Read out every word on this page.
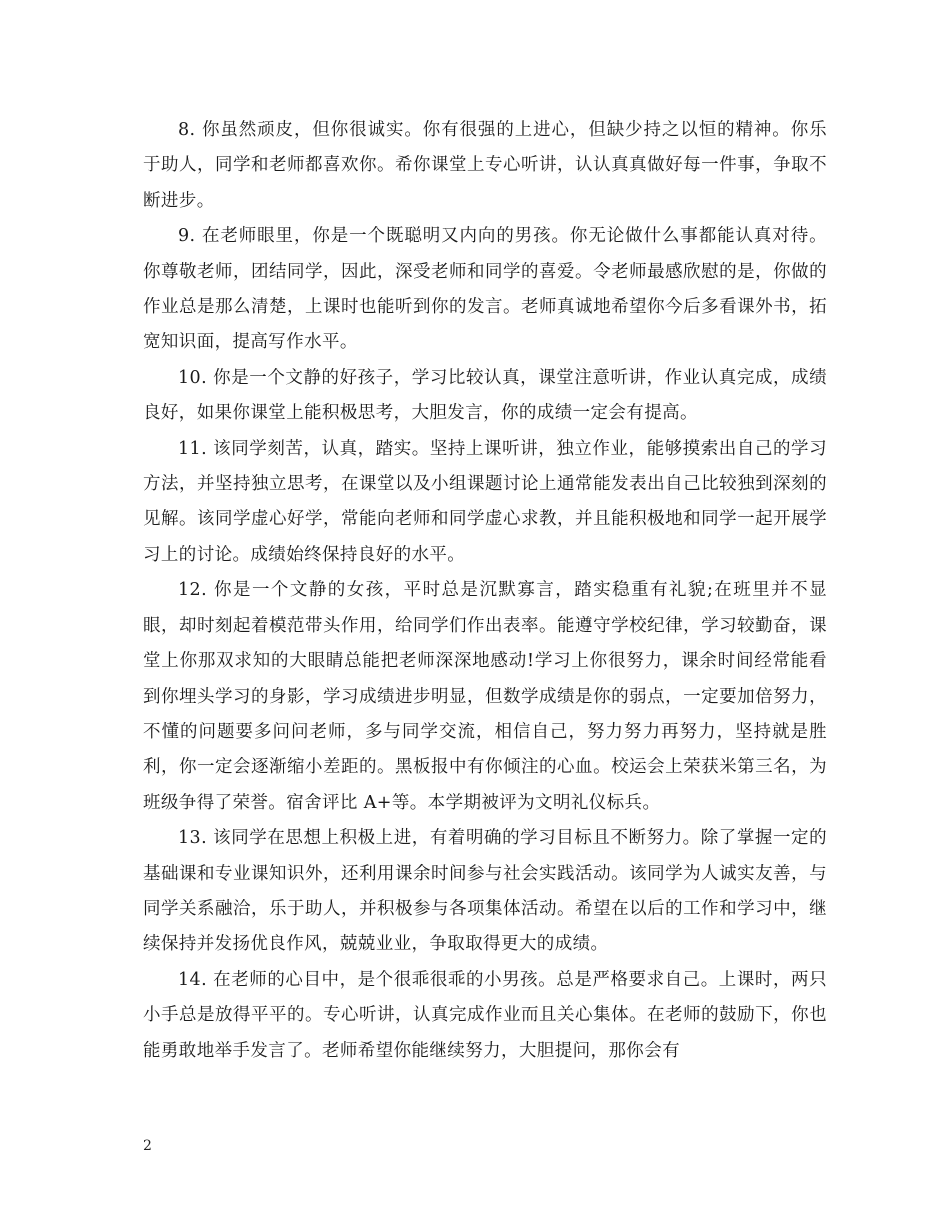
8. 你虽然顽皮，但你很诚实。你有很强的上进心，但缺少持之以恒的精神。你乐于助人，同学和老师都喜欢你。希你课堂上专心听讲，认认真真做好每一件事，争取不断进步。

9. 在老师眼里，你是一个既聪明又内向的男孩。你无论做什么事都能认真对待。你尊敬老师，团结同学，因此，深受老师和同学的喜爱。令老师最感欣慰的是，你做的作业总是那么清楚，上课时也能听到你的发言。老师真诚地希望你今后多看课外书，拓宽知识面，提高写作水平。

10. 你是一个文静的好孩子，学习比较认真，课堂注意听讲，作业认真完成，成绩良好，如果你课堂上能积极思考，大胆发言，你的成绩一定会有提高。

11. 该同学刻苦，认真，踏实。坚持上课听讲，独立作业，能够摸索出自己的学习方法，并坚持独立思考，在课堂以及小组课题讨论上通常能发表出自己比较独到深刻的见解。该同学虚心好学，常能向老师和同学虚心求教，并且能积极地和同学一起开展学习上的讨论。成绩始终保持良好的水平。

12. 你是一个文静的女孩，平时总是沉默寡言，踏实稳重有礼貌;在班里并不显眼，却时刻起着模范带头作用，给同学们作出表率。能遵守学校纪律，学习较勤奋，课堂上你那双求知的大眼睛总能把老师深深地感动!学习上你很努力，课余时间经常能看到你埋头学习的身影，学习成绩进步明显，但数学成绩是你的弱点，一定要加倍努力，不懂的问题要多问问老师，多与同学交流，相信自己，努力努力再努力，坚持就是胜利，你一定会逐渐缩小差距的。黑板报中有你倾注的心血。校运会上荣获米第三名，为班级争得了荣誉。宿舍评比 A+等。本学期被评为文明礼仪标兵。

13. 该同学在思想上积极上进，有着明确的学习目标且不断努力。除了掌握一定的基础课和专业课知识外，还利用课余时间参与社会实践活动。该同学为人诚实友善，与同学关系融洽，乐于助人，并积极参与各项集体活动。希望在以后的工作和学习中，继续保持并发扬优良作风，兢兢业业，争取取得更大的成绩。

14. 在老师的心目中，是个很乖很乖的小男孩。总是严格要求自己。上课时，两只小手总是放得平平的。专心听讲，认真完成作业而且关心集体。在老师的鼓励下，你也能勇敢地举手发言了。老师希望你能继续努力，大胆提问，那你会有

2
